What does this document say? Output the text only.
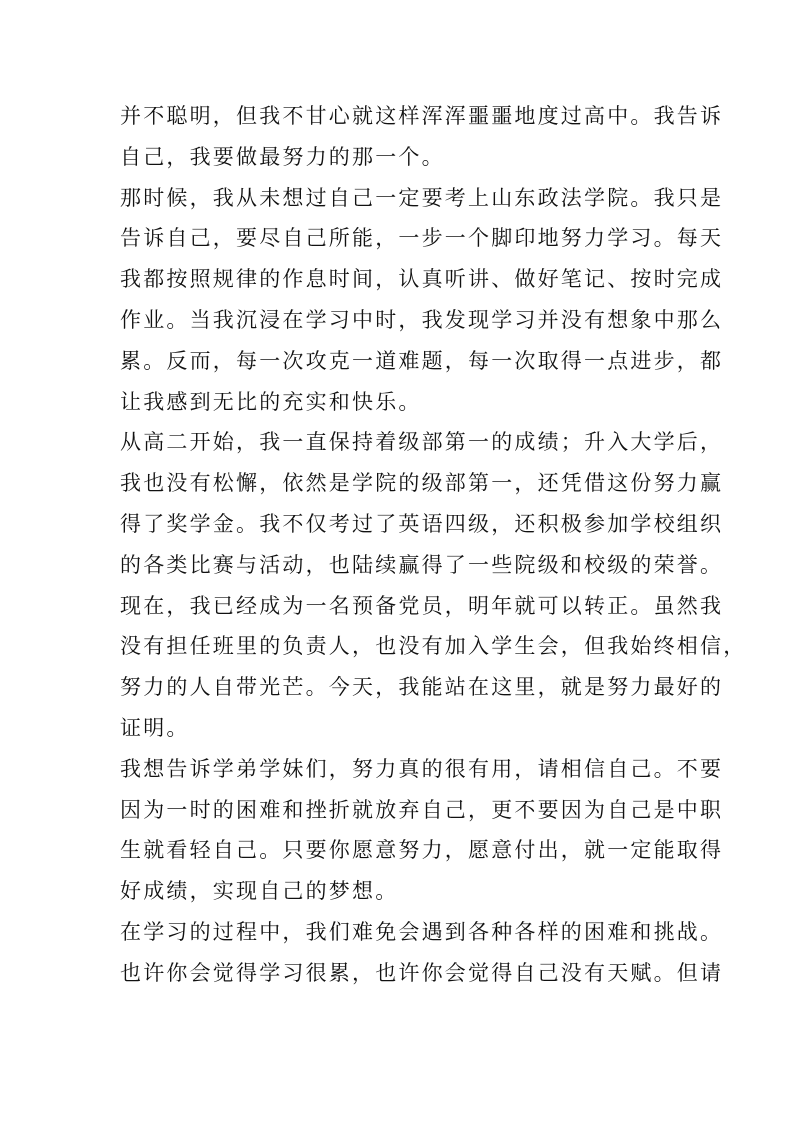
并不聪明，但我不甘心就这样浑浑噩噩地度过高中。我告诉
自己，我要做最努力的那一个。
那时候，我从未想过自己一定要考上山东政法学院。我只是
告诉自己，要尽自己所能，一步一个脚印地努力学习。每天
我都按照规律的作息时间，认真听讲、做好笔记、按时完成
作业。当我沉浸在学习中时，我发现学习并没有想象中那么
累。反而，每一次攻克一道难题，每一次取得一点进步，都
让我感到无比的充实和快乐。
从高二开始，我一直保持着级部第一的成绩；升入大学后，
我也没有松懈，依然是学院的级部第一，还凭借这份努力赢
得了奖学金。我不仅考过了英语四级，还积极参加学校组织
的各类比赛与活动，也陆续赢得了一些院级和校级的荣誉。
现在，我已经成为一名预备党员，明年就可以转正。虽然我
没有担任班里的负责人，也没有加入学生会，但我始终相信，
努力的人自带光芒。今天，我能站在这里，就是努力最好的
证明。
我想告诉学弟学妹们，努力真的很有用，请相信自己。不要
因为一时的困难和挫折就放弃自己，更不要因为自己是中职
生就看轻自己。只要你愿意努力，愿意付出，就一定能取得
好成绩，实现自己的梦想。
在学习的过程中，我们难免会遇到各种各样的困难和挑战。
也许你会觉得学习很累，也许你会觉得自己没有天赋。但请
